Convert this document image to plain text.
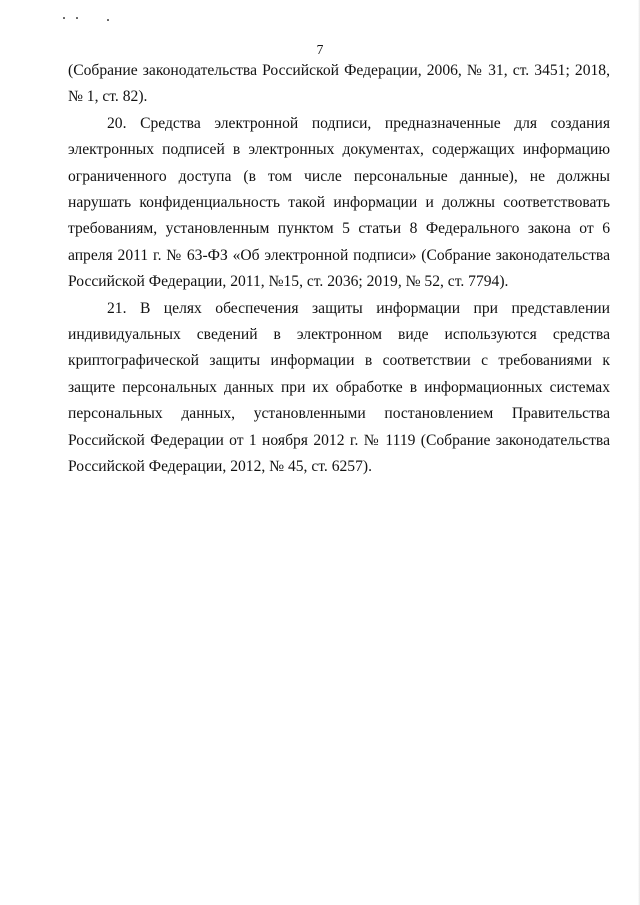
7

(Собрание законодательства Российской Федерации, 2006, № 31, ст. 3451; 2018, № 1, ст. 82).

20. Средства электронной подписи, предназначенные для создания электронных подписей в электронных документах, содержащих информацию ограниченного доступа (в том числе персональные данные), не должны нарушать конфиденциальность такой информации и должны соответствовать требованиям, установленным пунктом 5 статьи 8 Федерального закона от 6 апреля 2011 г. № 63-ФЗ «Об электронной подписи» (Собрание законодательства Российской Федерации, 2011, №15, ст. 2036; 2019, № 52, ст. 7794).

21. В целях обеспечения защиты информации при представлении индивидуальных сведений в электронном виде используются средства криптографической защиты информации в соответствии с требованиями к защите персональных данных при их обработке в информационных системах персональных данных, установленными постановлением Правительства Российской Федерации от 1 ноября 2012 г. № 1119 (Собрание законодательства Российской Федерации, 2012, № 45, ст. 6257).
